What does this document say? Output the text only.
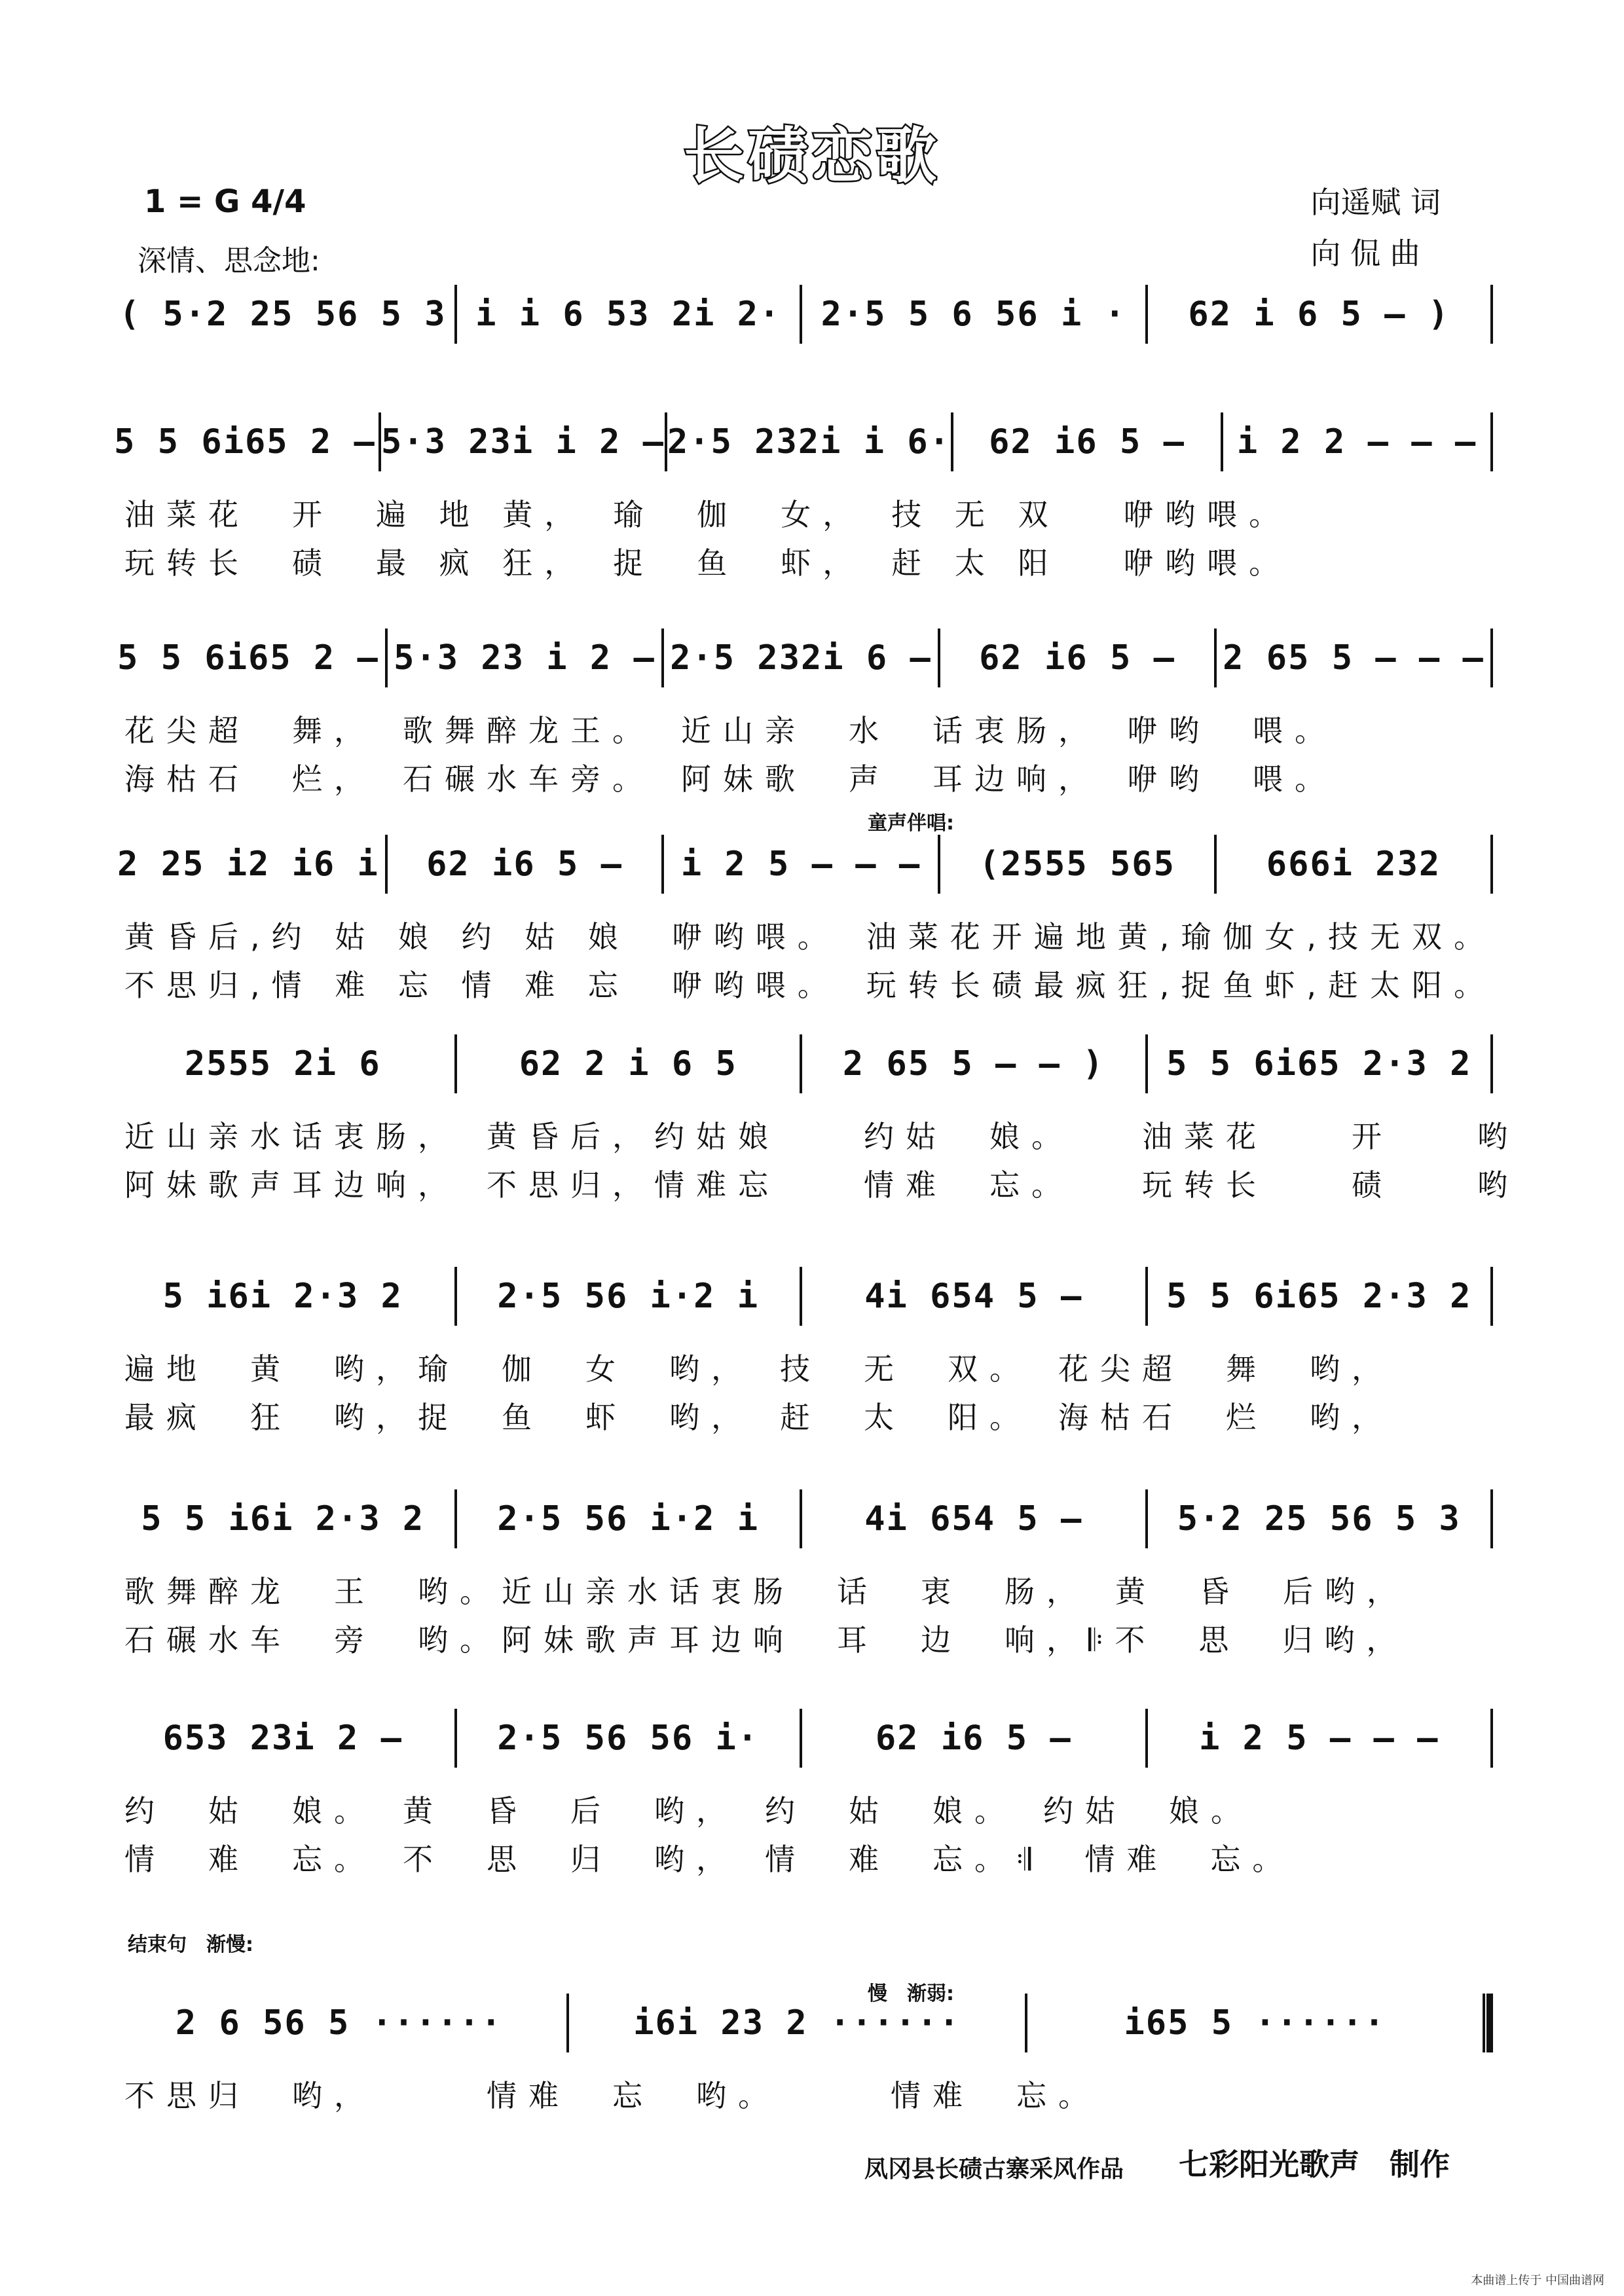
长碛恋歌
1 = G 4/4
深情、思念地:
向遥赋 词
向 侃 曲
童声伴唱:
结束句　渐慢:
慢　渐弱:
( 5·2 25 56 5 3 i i 6 53 2i 2·	2·5 5 6 56 i ·	62 i 6 5 – )
5 5 6i65 2 – 5·3 23i i 2 – 2·5 232i i 6·	62 i6 5 –	i 2 2 – – –
油菜花　开　遍 地 黄，　瑜　伽　女，　技 无 双　 咿哟喂。
玩转长　碛　最 疯 狂，　捉　鱼　虾，　赶 太 阳　 咿哟喂。
5 5 6i65 2 – 5·3 23 i 2 – 2·5 232i 6 –	62 i6 5 –	2 65 5 – – –
花尖超　舞，　歌舞醉龙王。　近山亲　水　话衷肠，　咿哟　喂。
海枯石　烂，　石碾水车旁。　阿妹歌　声　耳边响，　咿哟　喂。
2 25 i2 i6 i	62 i6 5 –	i 2 5 – – –	(2555 565	666i 232
黄昏后,约 姑 娘 约 姑 娘　咿哟喂。　油菜花开遍地黄,瑜伽女,技无双。
不思归,情 难 忘 情 难 忘　咿哟喂。　玩转长碛最疯狂,捉鱼虾,赶太阳。
2555 2i 6	62 2 i 6 5	2 65 5 – – )	5 5 6i65 2·3 2
近山亲水话衷肠，　黄昏后，约姑娘　　约姑　娘。　　油菜花　　开　　哟
阿妹歌声耳边响，　不思归，情难忘　　情难　忘。　　玩转长　　碛　　哟
5 i6i 2·3 2	2·5 56 i·2 i	4i 654 5 –	5 5 6i65 2·3 2
遍地　黄　哟，瑜　伽　女　哟，　技　无　双。　花尖超　舞　哟，
最疯　狂　哟，捉　鱼　虾　哟，　赶　太　阳。　海枯石　烂　哟，
5 5 i6i 2·3 2	2·5 56 i·2 i	4i 654 5 –	5·2 25 56 5 3
歌舞醉龙　王　哟。近山亲水话衷肠　话　衷　肠，　黄　昏　后哟，
石碾水车　旁　哟。阿妹歌声耳边响　耳　边　响，𝄆不　思　归哟，
653 23i 2 –	2·5 56 56 i·	62 i6 5 –	i 2 5 – – –
约　姑　娘。　黄　昏　后　哟，　约　姑　娘。　约姑　娘。
情　难　忘。　不　思　归　哟，　情　难　忘。𝄇　情难　忘。
2 6 56 5 ······	i6i 23 2 ······	i65 5 ······
不思归　哟，　　　情难　忘　哟。　　　情难　忘。
凤冈县长碛古寨采风作品 七彩阳光歌声　制作
本曲谱上传于 中国曲谱网
